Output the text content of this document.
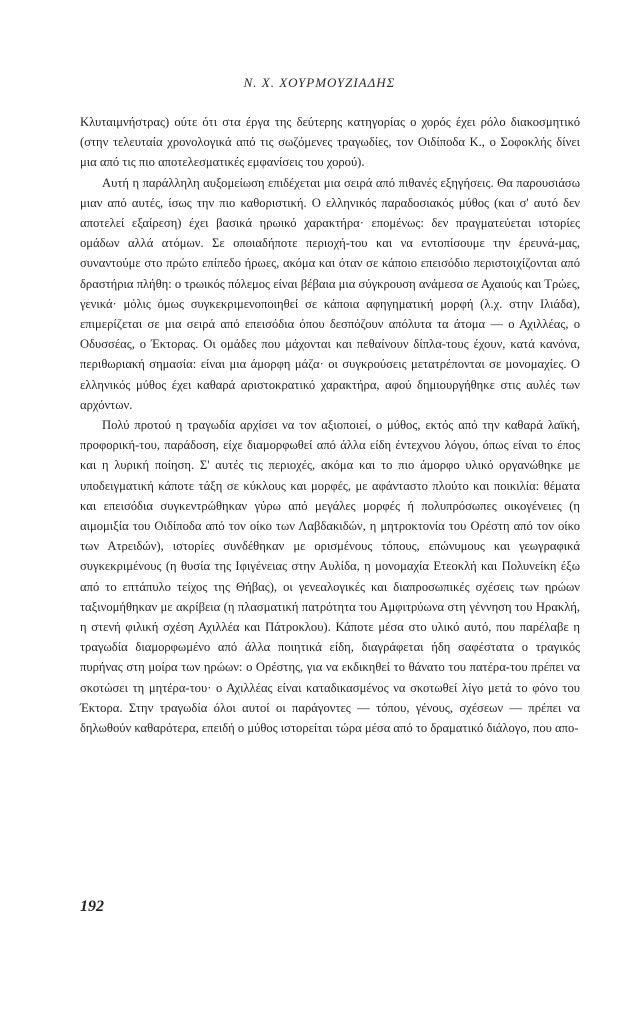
Ν. Χ. ΧΟΥΡΜΟΥΖΙΑΔΗΣ

Κλυταιμνήστρας) ούτε ότι στα έργα της δεύτερης κατηγορίας ο χορός έχει ρόλο διακοσμητικό (στην τελευταία χρονολογικά από τις σωζόμενες τραγωδίες, τον Οιδίποδα Κ., ο Σοφοκλής δίνει μια από τις πιο αποτελεσματικές εμφανίσεις του χορού).

Αυτή η παράλληλη αυξομείωση επιδέχεται μια σειρά από πιθανές εξηγήσεις. Θα παρουσιάσω μιαν από αυτές, ίσως την πιο καθοριστική. Ο ελληνικός παραδοσιακός μύθος (και σ' αυτό δεν αποτελεί εξαίρεση) έχει βασικά ηρωικό χαρακτήρα· επομένως: δεν πραγματεύεται ιστορίες ομάδων αλλά ατόμων. Σε οποιαδήποτε περιοχή-του και να εντοπίσουμε την έρευνά-μας, συναντούμε στο πρώτο επίπεδο ήρωες, ακόμα και όταν σε κάποιο επεισόδιο περιστοιχίζονται από δραστήρια πλήθη: ο τρωικός πόλεμος είναι βέβαια μια σύγκρουση ανάμεσα σε Αχαιούς και Τρώες, γενικά· μόλις όμως συγκεκριμενοποιηθεί σε κάποια αφηγηματική μορφή (λ.χ. στην Ιλιάδα), επιμερίζεται σε μια σειρά από επεισόδια όπου δεσπόζουν απόλυτα τα άτομα — ο Αχιλλέας, ο Οδυσσέας, ο Έκτορας. Οι ομάδες που μάχονται και πεθαίνουν δίπλα-τους έχουν, κατά κανόνα, περιθωριακή σημασία: είναι μια άμορφη μάζα· οι συγκρούσεις μετατρέπονται σε μονομαχίες. Ο ελληνικός μύθος έχει καθαρά αριστοκρατικό χαρακτήρα, αφού δημιουργήθηκε στις αυλές των αρχόντων.

Πολύ προτού η τραγωδία αρχίσει να τον αξιοποιεί, ο μύθος, εκτός από την καθαρά λαϊκή, προφορική-του, παράδοση, είχε διαμορφωθεί από άλλα είδη έντεχνου λόγου, όπως είναι το έπος και η λυρική ποίηση. Σ' αυτές τις περιοχές, ακόμα και το πιο άμορφο υλικό οργανώθηκε με υποδειγματική κάποτε τάξη σε κύκλους και μορφές, με αφάνταστο πλούτο και ποικιλία: θέματα και επεισόδια συγκεντρώθηκαν γύρω από μεγάλες μορφές ή πολυπρόσωπες οικογένειες (η αιμομιξία του Οιδίποδα από τον οίκο των Λαβδακιδών, η μητροκτονία του Ορέστη από τον οίκο των Ατρειδών), ιστορίες συνδέθηκαν με ορισμένους τόπους, επώνυμους και γεωγραφικά συγκεκριμένους (η θυσία της Ιφιγένειας στην Αυλίδα, η μονομαχία Ετεοκλή και Πολυνείκη έξω από το επτάπυλο τείχος της Θήβας), οι γενεαλογικές και διαπροσωπικές σχέσεις των ηρώων ταξινομήθηκαν με ακρίβεια (η πλασματική πατρότητα του Αμφιτρύωνα στη γέννηση του Ηρακλή, η στενή φιλική σχέση Αχιλλέα και Πάτροκλου). Κάποτε μέσα στο υλικό αυτό, που παρέλαβε η τραγωδία διαμορφωμένο από άλλα ποιητικά είδη, διαγράφεται ήδη σαφέστατα ο τραγικός πυρήνας στη μοίρα των ηρώων: ο Ορέστης, για να εκδικηθεί το θάνατο του πατέρα-του πρέπει να σκοτώσει τη μητέρα-του· ο Αχιλλέας είναι καταδικασμένος να σκοτωθεί λίγο μετά το φόνο του Έκτορα. Στην τραγωδία όλοι αυτοί οι παράγοντες — τόπου, γένους, σχέσεων — πρέπει να δηλωθούν καθαρότερα, επειδή ο μύθος ιστορείται τώρα μέσα από το δραματικό διάλογο, που απο-

192
